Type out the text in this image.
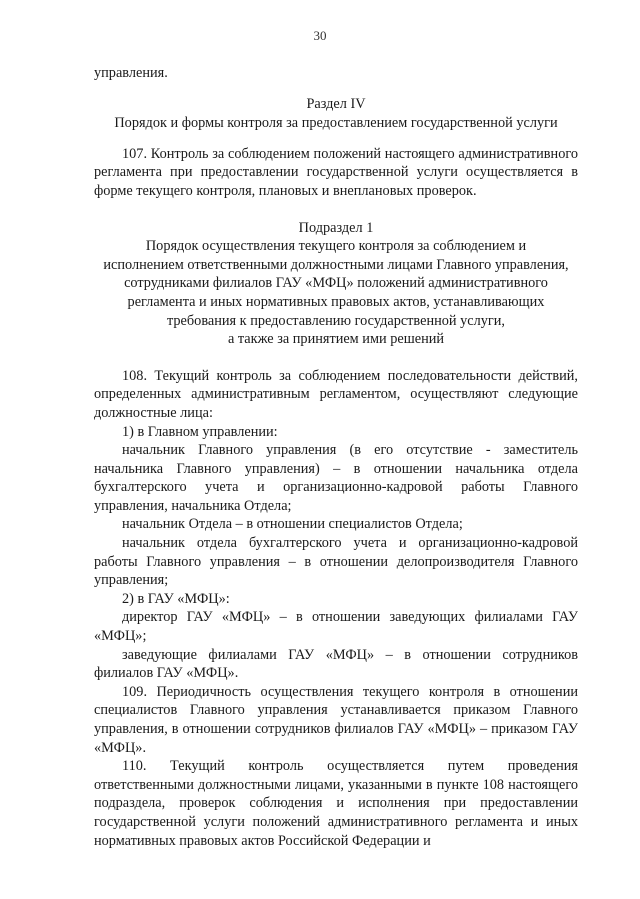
30

управления.

Раздел IV

Порядок и формы контроля за предоставлением государственной услуги

107. Контроль за соблюдением положений настоящего административного регламента при предоставлении государственной услуги осуществляется в форме текущего контроля, плановых и внеплановых проверок.

Подраздел 1

Порядок осуществления текущего контроля за соблюдением и

исполнением ответственными должностными лицами Главного управления,

сотрудниками филиалов ГАУ «МФЦ» положений административного

регламента и иных нормативных правовых актов, устанавливающих

требования к предоставлению государственной услуги,

а также за принятием ими решений

108. Текущий контроль за соблюдением последовательности действий, определенных административным регламентом, осуществляют следующие должностные лица:

1) в Главном управлении:

начальник Главного управления (в его отсутствие - заместитель начальника Главного управления) – в отношении начальника отдела бухгалтерского учета и организационно-кадровой работы Главного управления, начальника Отдела;

начальник Отдела – в отношении специалистов Отдела;

начальник отдела бухгалтерского учета и организационно-кадровой работы Главного управления – в отношении делопроизводителя Главного управления;

2) в ГАУ «МФЦ»:

директор ГАУ «МФЦ» – в отношении заведующих филиалами ГАУ «МФЦ»;

заведующие филиалами ГАУ «МФЦ» – в отношении сотрудников филиалов ГАУ «МФЦ».

109. Периодичность осуществления текущего контроля в отношении специалистов Главного управления устанавливается приказом Главного управления, в отношении сотрудников филиалов ГАУ «МФЦ» – приказом ГАУ «МФЦ».

110. Текущий контроль осуществляется путем проведения ответственными должностными лицами, указанными в пункте 108 настоящего подраздела, проверок соблюдения и исполнения при предоставлении государственной услуги положений административного регламента и иных нормативных правовых актов Российской Федерации и
